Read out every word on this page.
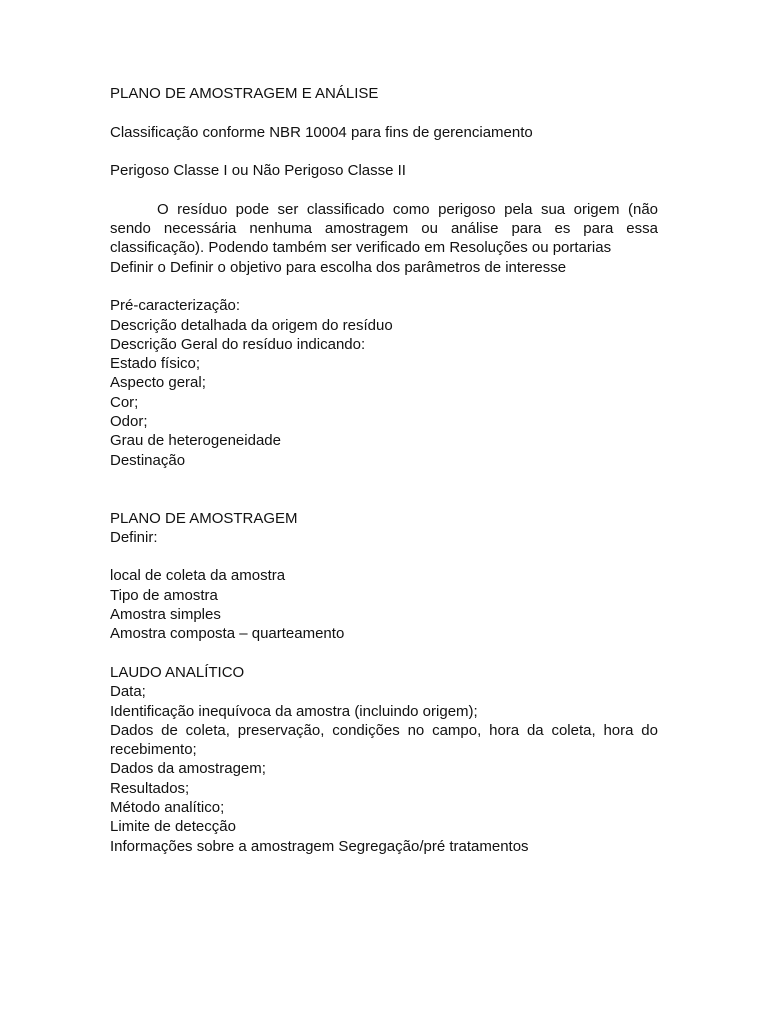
PLANO DE AMOSTRAGEM E ANÁLISE
Classificação conforme NBR 10004 para fins de gerenciamento
Perigoso Classe I ou Não Perigoso Classe II
O resíduo pode ser classificado como perigoso pela sua origem (não sendo necessária nenhuma amostragem ou análise para es para essa classificação). Podendo também ser verificado em Resoluções ou portarias
Definir o Definir o objetivo para escolha dos parâmetros de interesse
Pré-caracterização:
Descrição detalhada da origem do resíduo
Descrição Geral do resíduo indicando:
Estado físico;
Aspecto geral;
Cor;
Odor;
Grau de heterogeneidade
Destinação
PLANO DE AMOSTRAGEM
Definir:
local de coleta da amostra
Tipo de amostra
Amostra simples
Amostra composta – quarteamento
LAUDO ANALÍTICO
Data;
Identificação inequívoca da amostra (incluindo origem);
Dados de coleta, preservação, condições no campo, hora da coleta, hora do recebimento;
Dados da amostragem;
Resultados;
Método analítico;
Limite de detecção
Informações sobre a amostragem Segregação/pré tratamentos
